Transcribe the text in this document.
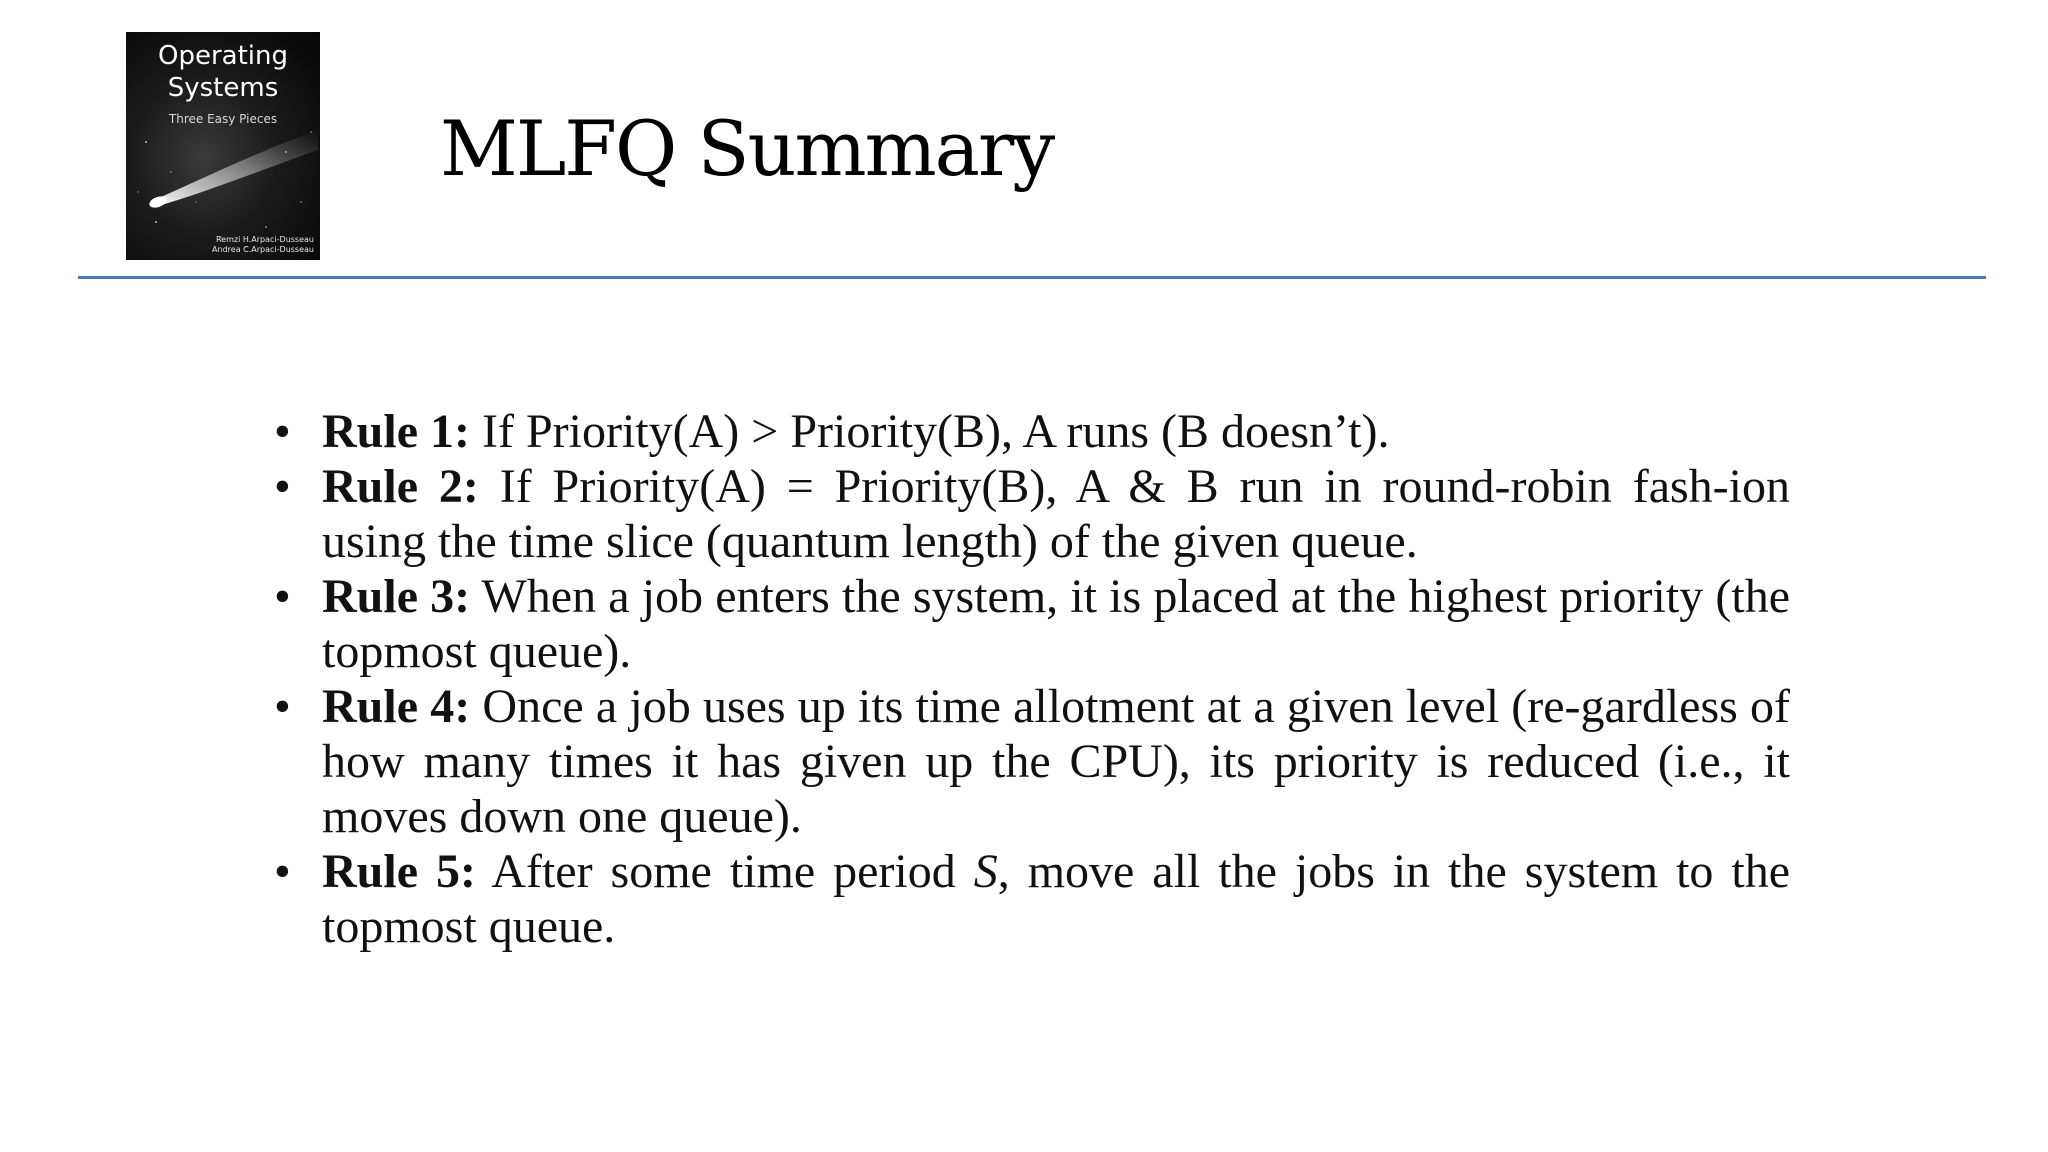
Operating
Systems
Three Easy Pieces
Remzi H.Arpaci-Dusseau
Andrea C.Arpaci-Dusseau
MLFQ Summary
• Rule 1: If Priority(A) > Priority(B), A runs (B doesn’t).
• Rule 2: If Priority(A) = Priority(B), A & B run in round-robin fash-ion using the time slice (quantum length) of the given queue.
• Rule 3: When a job enters the system, it is placed at the highest priority (the topmost queue).
• Rule 4: Once a job uses up its time allotment at a given level (re-gardless of how many times it has given up the CPU), its priority is reduced (i.e., it moves down one queue).
• Rule 5: After some time period S, move all the jobs in the system to the topmost queue.
